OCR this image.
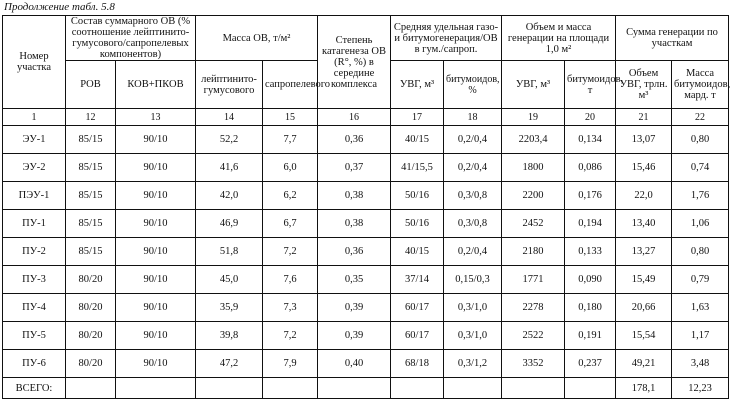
Продолжение табл. 5.8
Номер участка	Состав суммарного ОВ (% соотношение лейптинито-гумусового/сапропелевых компонентов)		Масса ОВ, т/м²		Степень катагенеза ОВ (R°, %) в середине комплекса	Средняя удельная газо- и битумогенерация/ОВ в гум./сапроп.		Объем и масса генерации на площади 1,0 м²		Сумма генерации по участкам	
	РОВ	КОВ+ПКОВ	лейптинито-гумусового	сапропелевого		УВГ, м³	битумоидов, %	УВГ, м³	битумоидов, т	Объем УВГ, трлн. м³	Масса битумоидов, мард. т
1	12	13	14	15	16	17	18	19	20	21	22
ЭУ-1	85/15	90/10	52,2	7,7	0,36	40/15	0,2/0,4	2203,4	0,134	13,07	0,80
ЭУ-2	85/15	90/10	41,6	6,0	0,37	41/15,5	0,2/0,4	1800	0,086	15,46	0,74
ПЭУ-1	85/15	90/10	42,0	6,2	0,38	50/16	0,3/0,8	2200	0,176	22,0	1,76
ПУ-1	85/15	90/10	46,9	6,7	0,38	50/16	0,3/0,8	2452	0,194	13,40	1,06
ПУ-2	85/15	90/10	51,8	7,2	0,36	40/15	0,2/0,4	2180	0,133	13,27	0,80
ПУ-3	80/20	90/10	45,0	7,6	0,35	37/14	0,15/0,3	1771	0,090	15,49	0,79
ПУ-4	80/20	90/10	35,9	7,3	0,39	60/17	0,3/1,0	2278	0,180	20,66	1,63
ПУ-5	80/20	90/10	39,8	7,2	0,39	60/17	0,3/1,0	2522	0,191	15,54	1,17
ПУ-6	80/20	90/10	47,2	7,9	0,40	68/18	0,3/1,2	3352	0,237	49,21	3,48
ВСЕГО:										178,1	12,23
